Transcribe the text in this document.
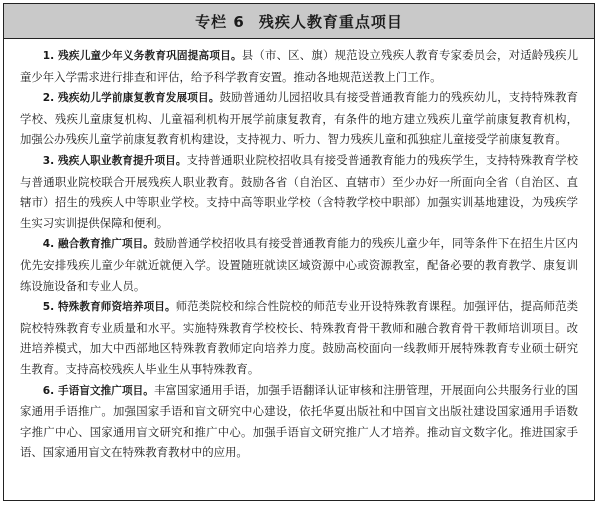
专栏 6 残疾人教育重点项目

1. 残疾儿童少年义务教育巩固提高项目。县（市、区、旗）规范设立残疾人教育专家委员会，对适龄残疾儿童少年入学需求进行排查和评估，给予科学教育安置。推动各地规范送教上门工作。

2. 残疾幼儿学前康复教育发展项目。鼓励普通幼儿园招收具有接受普通教育能力的残疾幼儿，支持特殊教育学校、残疾儿童康复机构、儿童福利机构开展学前康复教育，有条件的地方建立残疾儿童学前康复教育机构，加强公办残疾儿童学前康复教育机构建设，支持视力、听力、智力残疾儿童和孤独症儿童接受学前康复教育。

3. 残疾人职业教育提升项目。支持普通职业院校招收具有接受普通教育能力的残疾学生，支持特殊教育学校与普通职业院校联合开展残疾人职业教育。鼓励各省（自治区、直辖市）至少办好一所面向全省（自治区、直辖市）招生的残疾人中等职业学校。支持中高等职业学校（含特教学校中职部）加强实训基地建设，为残疾学生实习实训提供保障和便利。

4. 融合教育推广项目。鼓励普通学校招收具有接受普通教育能力的残疾儿童少年，同等条件下在招生片区内优先安排残疾儿童少年就近就便入学。设置随班就读区域资源中心或资源教室，配备必要的教育教学、康复训练设施设备和专业人员。

5. 特殊教育师资培养项目。师范类院校和综合性院校的师范专业开设特殊教育课程。加强评估，提高师范类院校特殊教育专业质量和水平。实施特殊教育学校校长、特殊教育骨干教师和融合教育骨干教师培训项目。改进培养模式，加大中西部地区特殊教育教师定向培养力度。鼓励高校面向一线教师开展特殊教育专业硕士研究生教育。支持高校残疾人毕业生从事特殊教育。

6. 手语盲文推广项目。丰富国家通用手语，加强手语翻译认证审核和注册管理，开展面向公共服务行业的国家通用手语推广。加强国家手语和盲文研究中心建设，依托华夏出版社和中国盲文出版社建设国家通用手语数字推广中心、国家通用盲文研究和推广中心。加强手语盲文研究推广人才培养。推动盲文数字化。推进国家手语、国家通用盲文在特殊教育教材中的应用。
